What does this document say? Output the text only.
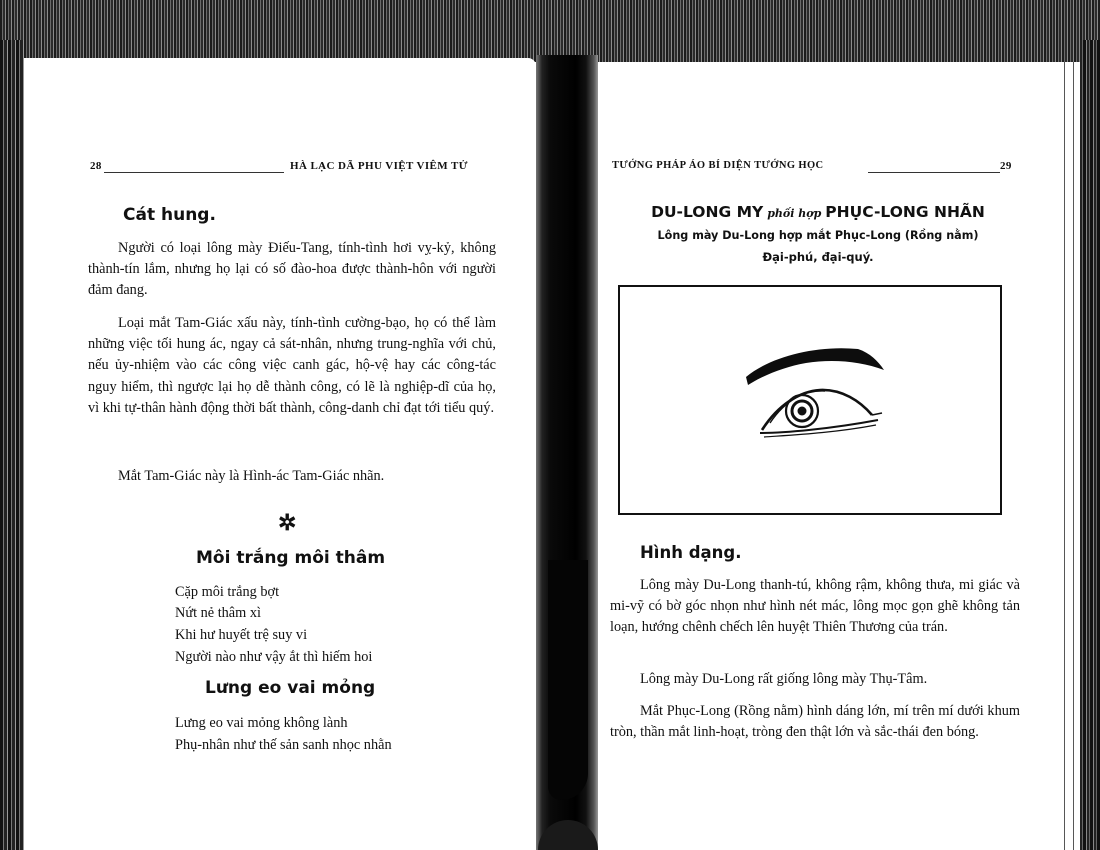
28	HÀ LẠC DÃ PHU VIỆT VIÊM TỬ
Cát hung.
Người có loại lông mày Điếu-Tang, tính-tình hơi vỵ-kỷ, không thành-tín lắm, nhưng họ lại có số đào-hoa được thành-hôn với người đảm đang.
Loại mắt Tam-Giác xấu này, tính-tình cường-bạo, họ có thể làm những việc tối hung ác, ngay cả sát-nhân, nhưng trung-nghĩa với chủ, nếu ủy-nhiệm vào các công việc canh gác, hộ-vệ hay các công-tác nguy hiểm, thì ngược lại họ dễ thành công, có lẽ là nghiệp-dĩ của họ, vì khi tự-thân hành động thời bất thành, công-danh chỉ đạt tới tiểu quý.
Mắt Tam-Giác này là Hình-ác Tam-Giác nhãn.
✲
Môi trắng môi thâm
Cặp môi trắng bợt
Nứt nẻ thâm xì
Khi hư huyết trệ suy vi
Người nào như vậy ắt thì hiếm hoi
Lưng eo vai mỏng
Lưng eo vai mỏng không lành
Phụ-nhân như thế sản sanh nhọc nhằn
TƯỚNG PHÁP ÁO BÍ DIỆN TƯỚNG HỌC	29
DU-LONG MY phối hợp PHỤC-LONG NHÃN
Lông mày Du-Long hợp mắt Phục-Long (Rồng nằm)
Đại-phú, đại-quý.
Hình dạng.
Lông mày Du-Long thanh-tú, không rậm, không thưa, mi giác và mi-vỹ có bờ góc nhọn như hình nét mác, lông mọc gọn ghẽ không tản loạn, hướng chênh chếch lên huyệt Thiên Thương của trán.
Lông mày Du-Long rất giống lông mày Thụ-Tâm.
Mắt Phục-Long (Rồng nằm) hình dáng lớn, mí trên mí dưới khum tròn, thần mắt linh-hoạt, tròng đen thật lớn và sắc-thái đen bóng.
